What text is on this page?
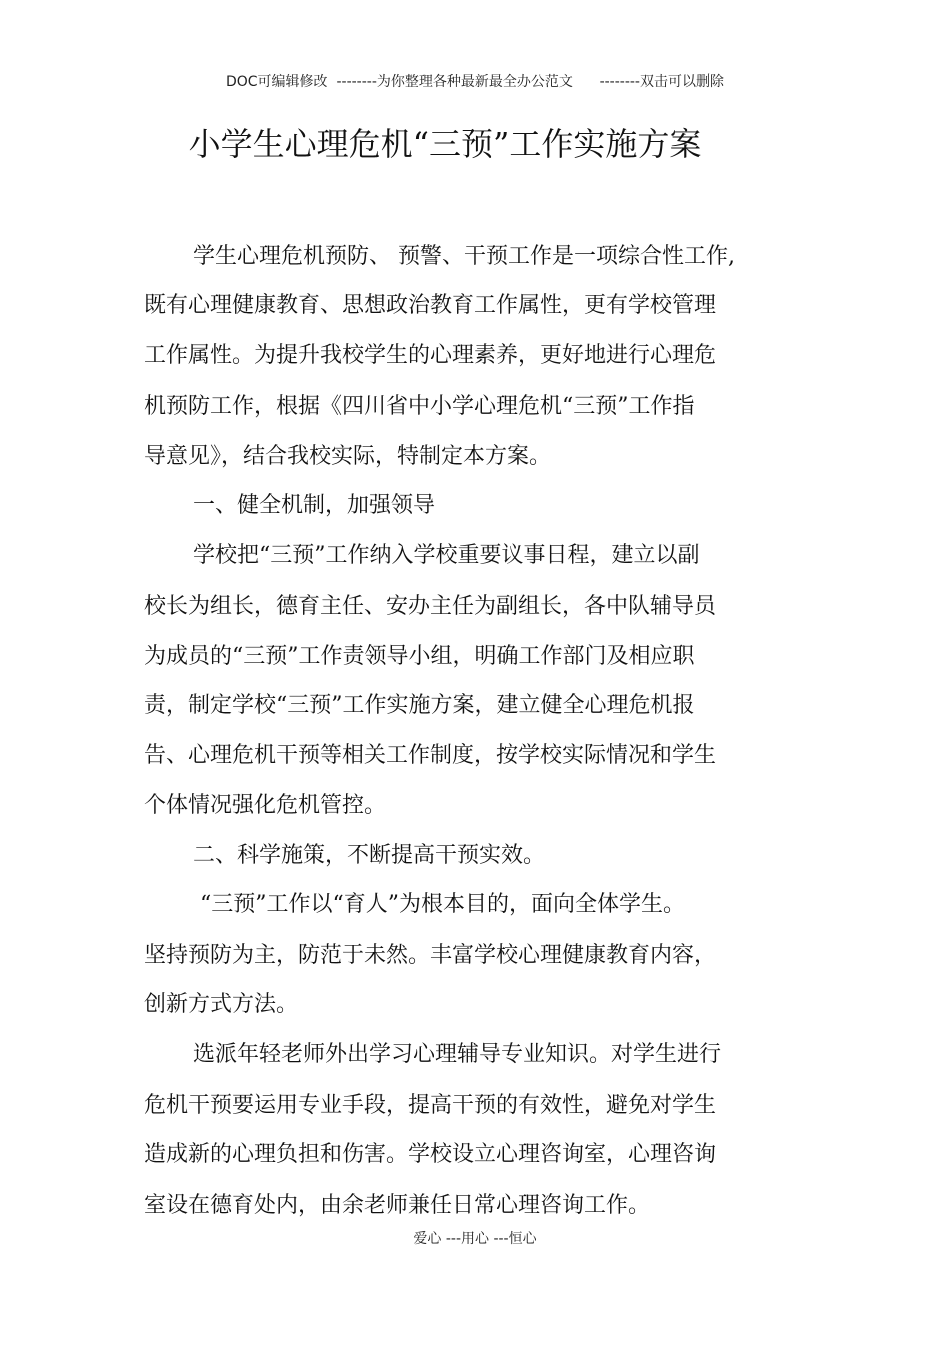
DOC可编辑修改  --------为你整理各种最新最全办公范文      --------双击可以删除
小学生心理危机“三预”工作实施方案
学生心理危机预防、 预警、干预工作是一项综合性工作,
既有心理健康教育、思想政治教育工作属性，更有学校管理
工作属性。为提升我校学生的心理素养，更好地进行心理危
机预防工作，根据《四川省中小学心理危机“三预”工作指
导意见》，结合我校实际，特制定本方案。
一、健全机制，加强领导
学校把“三预”工作纳入学校重要议事日程，建立以副
校长为组长，德育主任、安办主任为副组长，各中队辅导员
为成员的“三预”工作责领导小组，明确工作部门及相应职
责，制定学校“三预”工作实施方案，建立健全心理危机报
告、心理危机干预等相关工作制度，按学校实际情况和学生
个体情况强化危机管控。
二、科学施策，不断提高干预实效。
“三预”工作以“育人”为根本目的，面向全体学生。
坚持预防为主，防范于未然。丰富学校心理健康教育内容，
创新方式方法。
选派年轻老师外出学习心理辅导专业知识。对学生进行
危机干预要运用专业手段，提高干预的有效性，避免对学生
造成新的心理负担和伤害。学校设立心理咨询室，心理咨询
室设在德育处内，由余老师兼任日常心理咨询工作。
爱心 ---用心 ---恒心
